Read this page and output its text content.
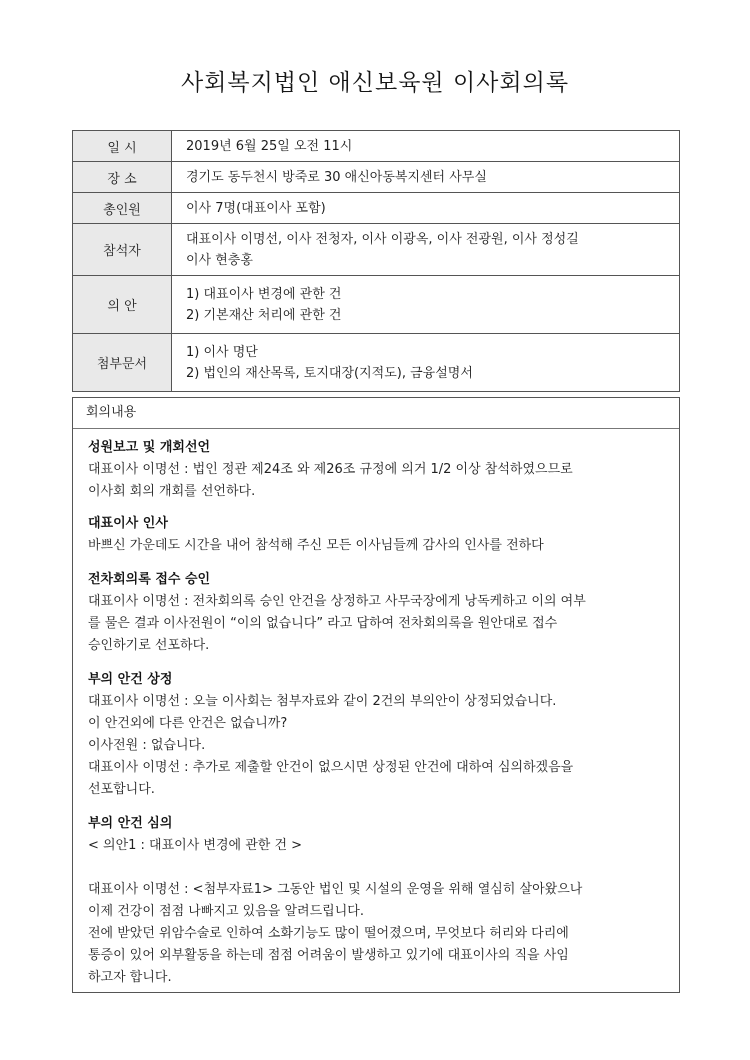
사회복지법인 애신보육원 이사회의록
일 시	2019년 6월 25일 오전 11시

장 소	경기도 동두천시 방죽로 30 애신아동복지센터 사무실

총인원	이사 7명(대표이사 포함)

참석자	대표이사 이명선, 이사 전청자, 이사 이광옥, 이사 전광원, 이사 정성길
이사 현충홍

의 안	1) 대표이사 변경에 관한 건
2) 기본재산 처리에 관한 건

첨부문서	1) 이사 명단
2) 법인의 재산목록, 토지대장(지적도), 금융설명서
회의내용
성원보고 및 개회선언
대표이사 이명선 : 법인 정관 제24조 와 제26조 규정에 의거 1/2 이상 참석하였으므로
이사회 회의 개회를 선언하다.
대표이사 인사
바쁘신 가운데도 시간을 내어 참석해 주신 모든 이사님들께 감사의 인사를 전하다
전차회의록 접수 승인
대표이사 이명선 : 전차회의록 승인 안건을 상정하고 사무국장에게 낭독케하고 이의 여부
를 물은 결과 이사전원이 “이의 없습니다” 라고 답하여 전차회의록을 원안대로 접수
승인하기로 선포하다.
부의 안건 상정
대표이사 이명선 : 오늘 이사회는 첨부자료와 같이 2건의 부의안이 상정되었습니다.
이 안건외에 다른 안건은 없습니까?
이사전원 : 없습니다.
대표이사 이명선 : 추가로 제출할 안건이 없으시면 상정된 안건에 대하여 심의하겠음을
선포합니다.
부의 안건 심의
< 의안1 : 대표이사 변경에 관한 건 >
대표이사 이명선 : <첨부자료1> 그동안 법인 및 시설의 운영을 위해 열심히 살아왔으나
이제 건강이 점점 나빠지고 있음을 알려드립니다.
전에 받았던 위암수술로 인하여 소화기능도 많이 떨어졌으며, 무엇보다 허리와 다리에
통증이 있어 외부활동을 하는데 점점 어려움이 발생하고 있기에 대표이사의 직을 사임
하고자 합니다.
